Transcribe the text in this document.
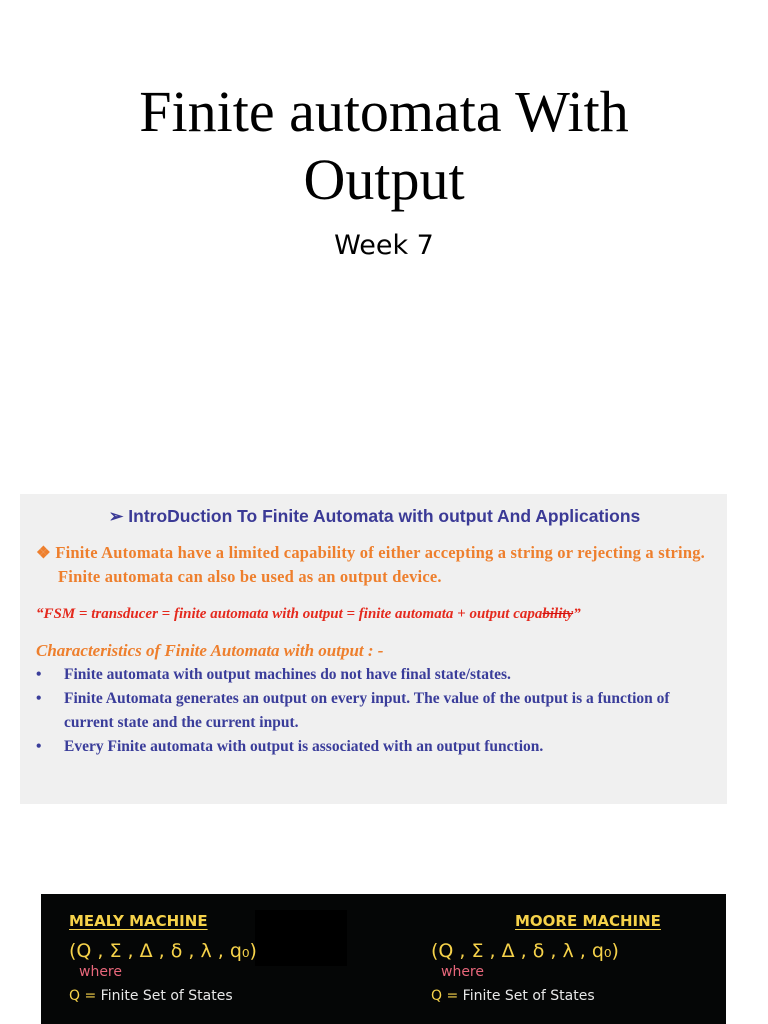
Finite automata With
Output
Week 7

➢ IntroDuction To Finite Automata with output And Applications

❖ Finite Automata have a limited capability of either accepting a string or rejecting a string. Finite automata can also be used as an output device.

“FSM = transducer = finite automata with output = finite automata + output capability”

Characteristics of Finite Automata with output : -

• Finite automata with output machines do not have final state/states.
• Finite Automata generates an output on every input. The value of the output is a function of current state and the current input.
• Every Finite automata with output is associated with an output function.
MEALY MACHINE
(Q , Σ , Δ , δ , λ , q₀)
where
Q = Finite Set of States
MOORE MACHINE
(Q , Σ , Δ , δ , λ , q₀)
where
Q = Finite Set of States
